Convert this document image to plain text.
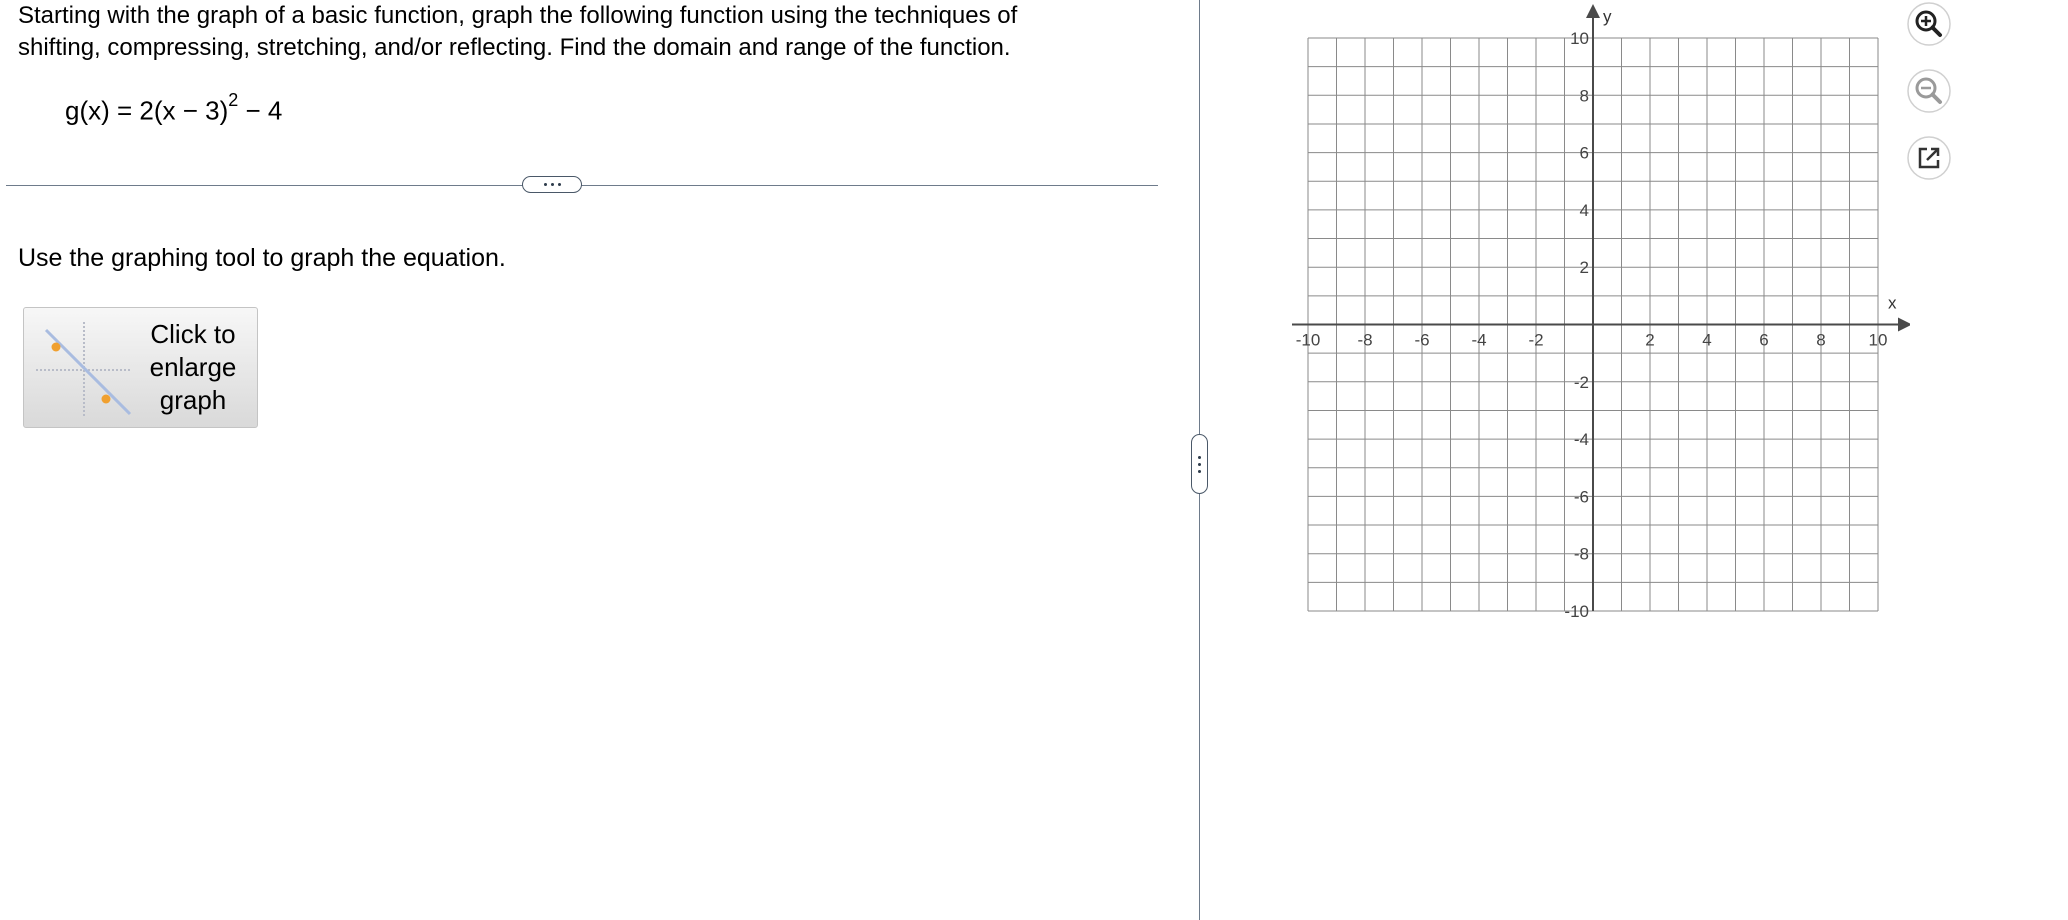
Starting with the graph of a basic function, graph the following function using the techniques of
shifting, compressing, stretching, and/or reflecting. Find the domain and range of the function.
$g(x) = 2(x - 3)^2 - 4$
Use the graphing tool to graph the equation.
Click to
enlarge
graph
x
y
-10 -8 -6 -4 -2	2	4	6	8	10
10
8
6
4
2
-2
-4
-6
-8
-10
